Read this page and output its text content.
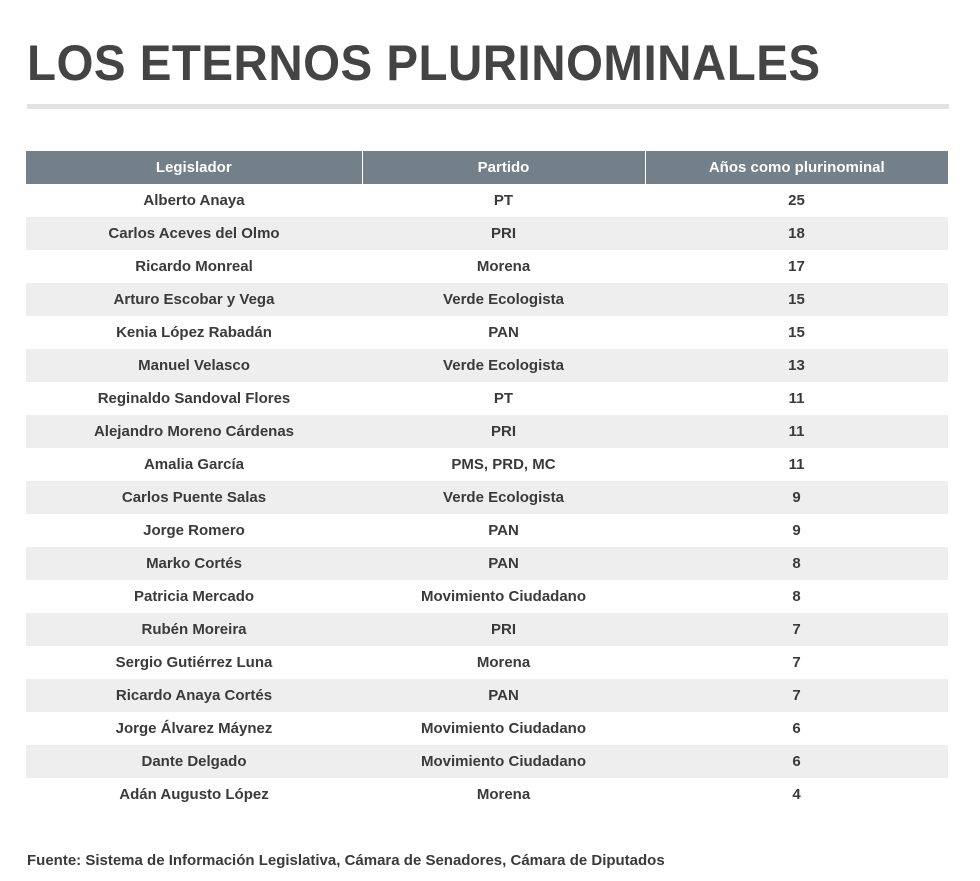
LOS ETERNOS PLURINOMINALES
Legislador	Partido	Años como plurinominal
Alberto Anaya	PT	25
Carlos Aceves del Olmo	PRI	18
Ricardo Monreal	Morena	17
Arturo Escobar y Vega	Verde Ecologista	15
Kenia López Rabadán	PAN	15
Manuel Velasco	Verde Ecologista	13
Reginaldo Sandoval Flores	PT	11
Alejandro Moreno Cárdenas	PRI	11
Amalia García	PMS, PRD, MC	11
Carlos Puente Salas	Verde Ecologista	9
Jorge Romero	PAN	9
Marko Cortés	PAN	8
Patricia Mercado	Movimiento Ciudadano	8
Rubén Moreira	PRI	7
Sergio Gutiérrez Luna	Morena	7
Ricardo Anaya Cortés	PAN	7
Jorge Álvarez Máynez	Movimiento Ciudadano	6
Dante Delgado	Movimiento Ciudadano	6
Adán Augusto López	Morena	4
Fuente: Sistema de Información Legislativa, Cámara de Senadores, Cámara de Diputados
